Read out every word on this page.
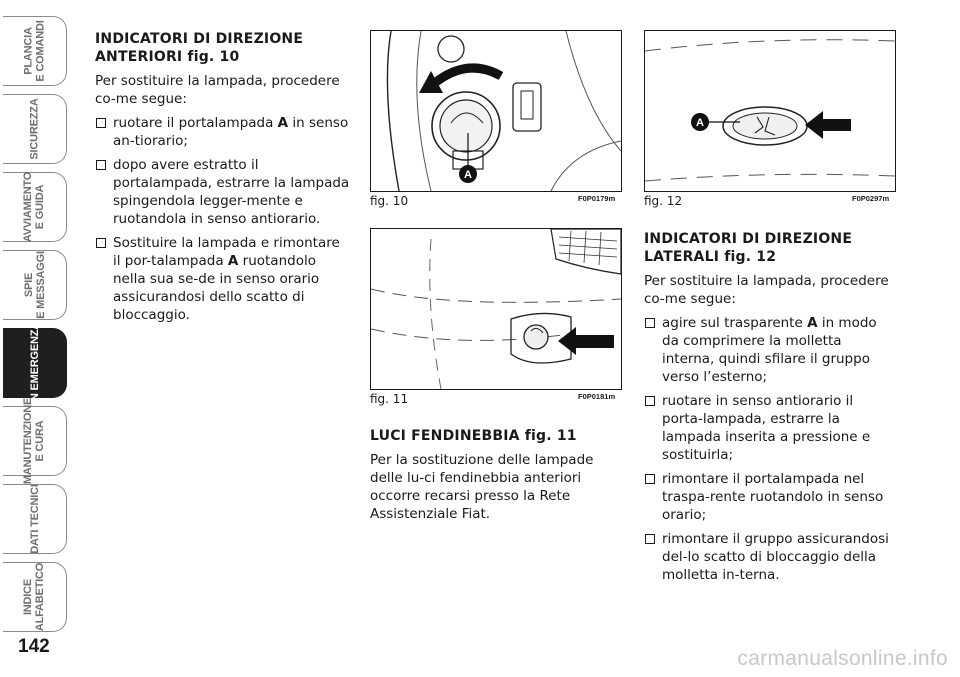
PLANCIA
E COMANDI
SICUREZZA
AVVIAMENTO
E GUIDA
SPIE
E MESSAGGI
IN EMERGENZA
MANUTENZIONE
E CURA
DATI TECNICI
INDICE
ALFABETICO
142
INDICATORI DI DIREZIONE ANTERIORI fig. 10

Per sostituire la lampada, procedere co-me segue:

ruotare il portalampada A in senso an-tiorario;
dopo avere estratto il portalampada, estrarre la lampada spingendola legger-mente e ruotandola in senso antiorario.
Sostituire la lampada e rimontare il por-talampada A ruotandolo nella sua se-de in senso orario assicurandosi dello scatto di bloccaggio.
A
fig. 10	F0P0179m
fig. 11	F0P0181m
LUCI FENDINEBBIA fig. 11

Per la sostituzione delle lampade delle lu-ci fendinebbia anteriori occorre recarsi presso la Rete Assistenziale Fiat.

A
fig. 12	F0P0297m
INDICATORI DI DIREZIONE LATERALI fig. 12

Per sostituire la lampada, procedere co-me segue:

agire sul trasparente A in modo da comprimere la molletta interna, quindi sfilare il gruppo verso l’esterno;
ruotare in senso antiorario il porta-lampada, estrarre la lampada inserita a pressione e sostituirla;
rimontare il portalampada nel traspa-rente ruotandolo in senso orario;
rimontare il gruppo assicurandosi del-lo scatto di bloccaggio della molletta in-terna.
carmanualsonline.info
